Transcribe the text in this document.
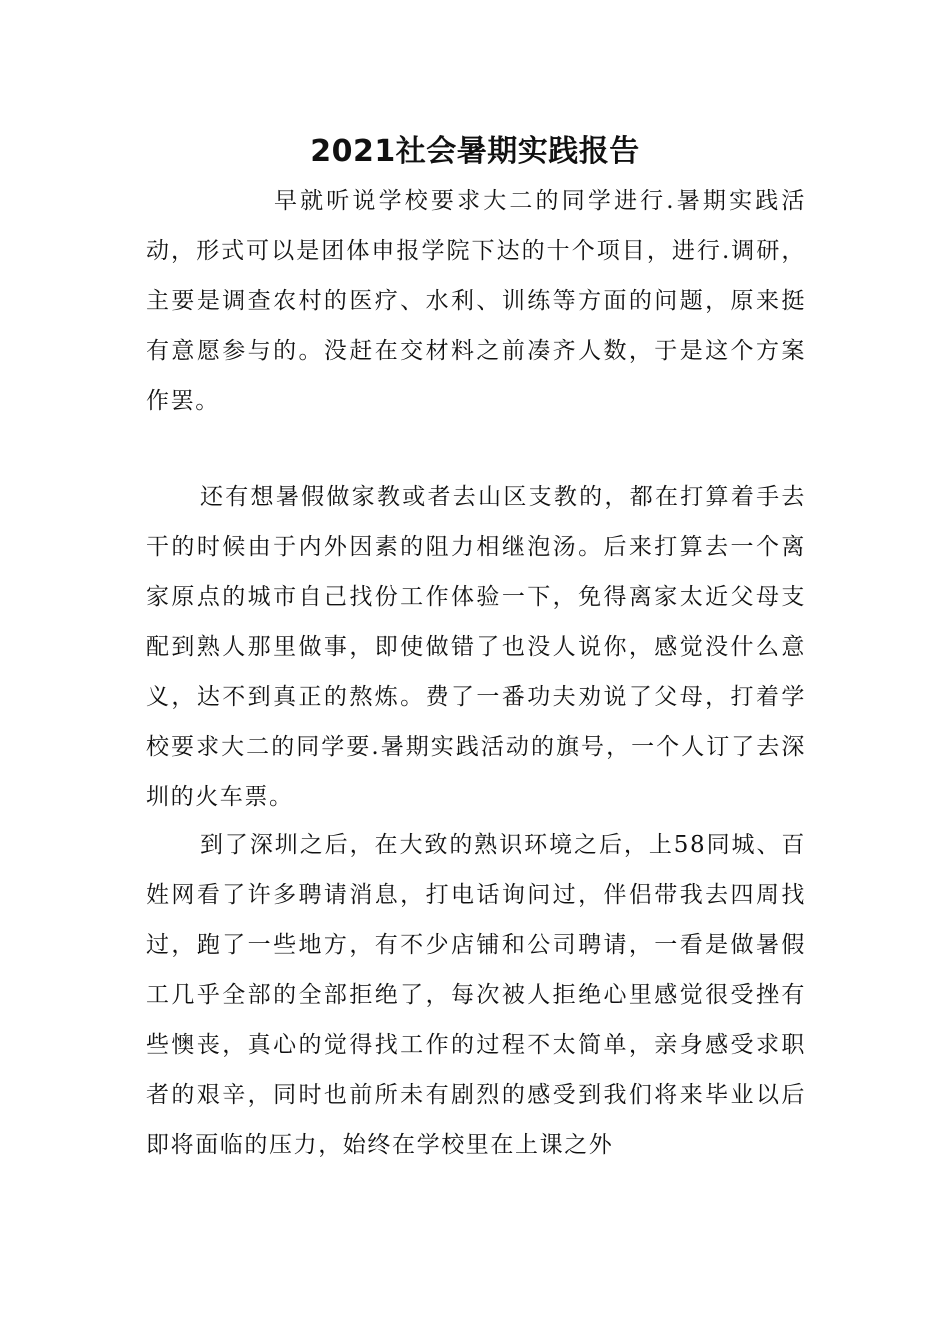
2021社会暑期实践报告

早就听说学校要求大二的同学进行.暑期实践活动，形式可以是团体申报学院下达的十个项目，进行.调研，主要是调查农村的医疗、水利、训练等方面的问题，原来挺有意愿参与的。没赶在交材料之前凑齐人数，于是这个方案作罢。

还有想暑假做家教或者去山区支教的，都在打算着手去干的时候由于内外因素的阻力相继泡汤。后来打算去一个离家原点的城市自己找份工作体验一下，免得离家太近父母支配到熟人那里做事，即使做错了也没人说你，感觉没什么意义，达不到真正的熬炼。费了一番功夫劝说了父母，打着学校要求大二的同学要.暑期实践活动的旗号，一个人订了去深圳的火车票。

到了深圳之后，在大致的熟识环境之后，上58同城、百姓网看了许多聘请消息，打电话询问过，伴侣带我去四周找过，跑了一些地方，有不少店铺和公司聘请，一看是做暑假工几乎全部的全部拒绝了，每次被人拒绝心里感觉很受挫有些懊丧，真心的觉得找工作的过程不太简单，亲身感受求职者的艰辛，同时也前所未有剧烈的感受到我们将来毕业以后即将面临的压力，始终在学校里在上课之外
